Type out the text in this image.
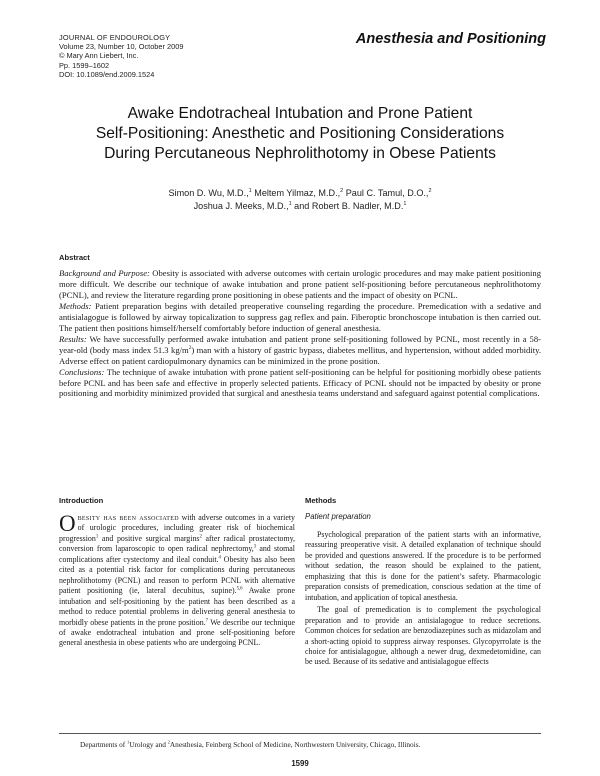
JOURNAL OF ENDOUROLOGY
Volume 23, Number 10, October 2009
© Mary Ann Liebert, Inc.
Pp. 1599–1602
DOI: 10.1089/end.2009.1524
Anesthesia and Positioning
Awake Endotracheal Intubation and Prone Patient
Self-Positioning: Anesthetic and Positioning Considerations
During Percutaneous Nephrolithotomy in Obese Patients
Simon D. Wu, M.D.,$^1$ Meltem Yilmaz, M.D.,$^2$ Paul C. Tamul, D.O.,$^2$
Joshua J. Meeks, M.D.,$^1$ and Robert B. Nadler, M.D.$^1$
Abstract

Background and Purpose: Obesity is associated with adverse outcomes with certain urologic procedures and may make patient positioning more difficult. We describe our technique of awake intubation and prone patient self-positioning before percutaneous nephrolithotomy (PCNL), and review the literature regarding prone positioning in obese patients and the impact of obesity on PCNL.

Methods: Patient preparation begins with detailed preoperative counseling regarding the procedure. Premedication with a sedative and antisialagogue is followed by airway topicalization to suppress gag reflex and pain. Fiberoptic bronchoscope intubation is then carried out. The patient then positions himself/herself comfortably before induction of general anesthesia.

Results: We have successfully performed awake intubation and patient prone self-positioning followed by PCNL, most recently in a 58-year-old (body mass index 51.3 $kg/m^2$) man with a history of gastric bypass, diabetes mellitus, and hypertension, without added morbidity. Adverse effect on patient cardiopulmonary dynamics can be minimized in the prone position.

Conclusions: The technique of awake intubation with prone patient self-positioning can be helpful for positioning morbidly obese patients before PCNL and has been safe and effective in properly selected patients. Efficacy of PCNL should not be impacted by obesity or prone positioning and morbidity minimized provided that surgical and anesthesia teams understand and safeguard against potential complications.

Introduction

Obesity has been associated with adverse outcomes in a variety of urologic procedures, including greater risk of biochemical progression$^1$ and positive surgical margins$^2$ after radical prostatectomy, conversion from laparoscopic to open radical nephrectomy,$^3$ and stomal complications after cystectomy and ileal conduit.$^4$ Obesity has also been cited as a potential risk factor for complications during percutaneous nephrolithotomy (PCNL) and reason to perform PCNL with alternative patient positioning (ie, lateral decubitus, supine).$^{5,6}$ Awake prone intubation and self-positioning by the patient has been described as a method to reduce potential problems in delivering general anesthesia to morbidly obese patients in the prone position.$^7$ We describe our technique of awake endotracheal intubation and prone self-positioning before general anesthesia in obese patients who are undergoing PCNL.

Methods
Patient preparation

Psychological preparation of the patient starts with an informative, reassuring preoperative visit. A detailed explanation of technique should be provided and questions answered. If the procedure is to be performed without sedation, the reason should be explained to the patient, emphasizing that this is done for the patient’s safety. Pharmacologic preparation consists of premedication, conscious sedation at the time of intubation, and application of topical anesthesia.

The goal of premedication is to complement the psychological preparation and to provide an antisialagogue to reduce secretions. Common choices for sedation are benzodiazepines such as midazolam and a short-acting opioid to suppress airway responses. Glycopyrrolate is the choice for antisialagogue, although a newer drug, dexmedetomidine, can be used. Because of its sedative and antisialagogue effects

Departments of $^1$Urology and $^2$Anesthesia, Feinberg School of Medicine, Northwestern University, Chicago, Illinois.
1599
